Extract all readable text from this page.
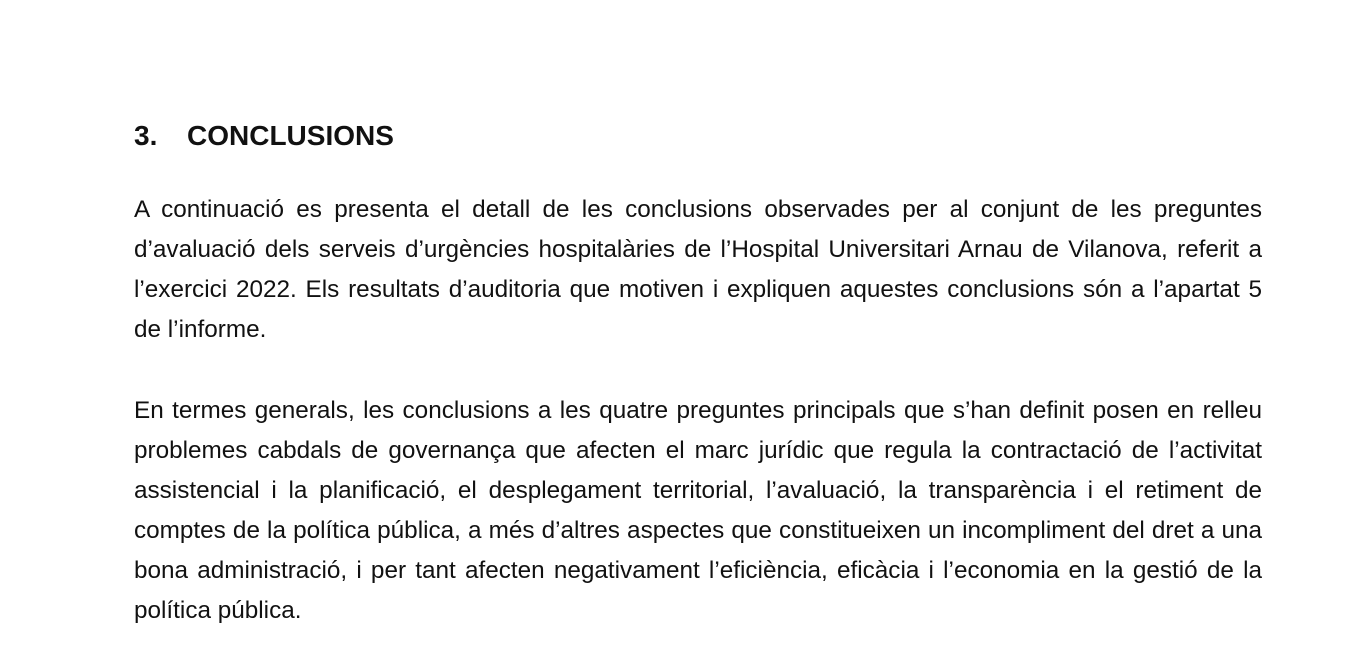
3.	CONCLUSIONS

A continuació es presenta el detall de les conclusions observades per al conjunt de les preguntes d’avaluació dels serveis d’urgències hospitalàries de l’Hospital Universitari Arnau de Vilanova, referit a l’exercici 2022. Els resultats d’auditoria que motiven i expliquen aquestes conclusions són a l’apartat 5 de l’informe.

En termes generals, les conclusions a les quatre preguntes principals que s’han definit posen en relleu problemes cabdals de governança que afecten el marc jurídic que regula la contractació de l’activitat assistencial i la planificació, el desplegament territorial, l’avaluació, la transparència i el retiment de comptes de la política pública, a més d’altres aspectes que constitueixen un incompliment del dret a una bona administració, i per tant afecten negativament l’eficiència, eficàcia i l’economia en la gestió de la política pública.
